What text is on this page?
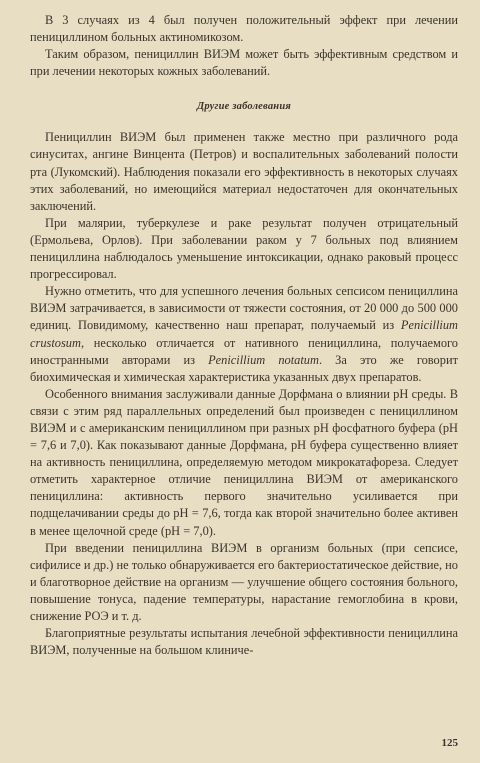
В 3 случаях из 4 был получен положительный эффект при лечении пенициллином больных актиномикозом.

Таким образом, пенициллин ВИЭМ может быть эффективным средством и при лечении некоторых кожных заболеваний.

Другие заболевания

Пенициллин ВИЭМ был применен также местно при различного рода синуситах, ангине Винцента (Петров) и воспалительных заболеваний полости рта (Лукомский). Наблюдения показали его эффективность в некоторых случаях этих заболеваний, но имеющийся материал недостаточен для окончательных заключений.

При малярии, туберкулезе и раке результат получен отрицательный (Ермольева, Орлов). При заболевании раком у 7 больных под влиянием пенициллина наблюдалось уменьшение интоксикации, однако раковый процесс прогрессировал.

Нужно отметить, что для успешного лечения больных сепсисом пенициллина ВИЭМ затрачивается, в зависимости от тяжести состояния, от 20 000 до 500 000 единиц. Повидимому, качественно наш препарат, получаемый из Penicillium crustosum, несколько отличается от нативного пенициллина, получаемого иностранными авторами из Penicillium notatum. За это же говорит биохимическая и химическая характеристика указанных двух препаратов.

Особенного внимания заслуживали данные Дорфмана о влиянии pH среды. В связи с этим ряд параллельных определений был произведен с пенициллином ВИЭМ и с американским пенициллином при разных pH фосфатного буфера (pH = 7,6 и 7,0). Как показывают данные Дорфмана, pH буфера существенно влияет на активность пенициллина, определяемую методом микрокатафореза. Следует отметить характерное отличие пенициллина ВИЭМ от американского пенициллина: активность первого значительно усиливается при подщелачивании среды до pH = 7,6, тогда как второй значительно более активен в менее щелочной среде (pH = 7,0).

При введении пенициллина ВИЭМ в организм больных (при сепсисе, сифилисе и др.) не только обнаруживается его бактериостатическое действие, но и благотворное действие на организм — улучшение общего состояния больного, повышение тонуса, падение температуры, нарастание гемоглобина в крови, снижение РОЭ и т. д.

Благоприятные результаты испытания лечебной эффективности пенициллина ВИЭМ, полученные на большом клиниче-

125
